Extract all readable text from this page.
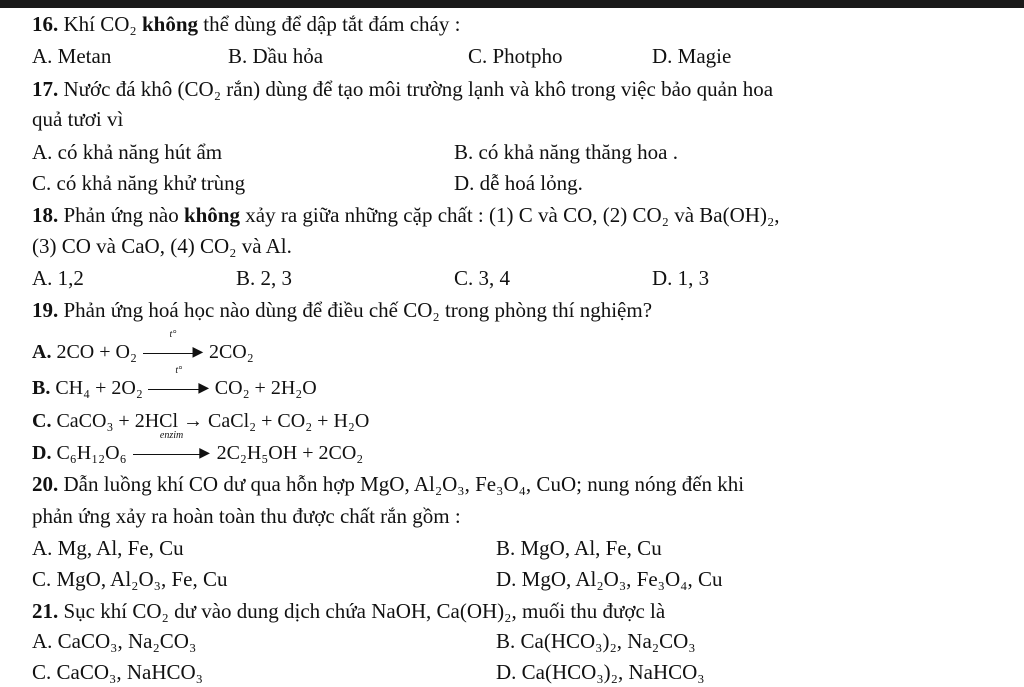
16. Khí CO₂ không thể dùng để dập tắt đám cháy :
A. Metan	B. Dầu hỏa	C. Photpho	D. Magie
17. Nước đá khô (CO₂ rắn) dùng để tạo môi trường lạnh và khô trong việc bảo quản hoa
quả tươi vì
A. có khả năng hút ẩm	B. có khả năng thăng hoa .
C. có khả năng khử trùng	D. dễ hoá lỏng.
18. Phản ứng nào không xảy ra giữa những cặp chất : (1) C và CO, (2) CO₂ và Ba(OH)₂,
(3) CO và CaO, (4) CO₂ và Al.
A. 1,2	B. 2, 3	C. 3, 4	D. 1, 3
19. Phản ứng hoá học nào dùng để điều chế CO₂ trong phòng thí nghiệm?
A. 2CO + O₂
t°
▶ 2CO₂
B. CH₄ + 2O₂
t°
▶ CO₂ + 2H₂O
C. CaCO₃ + 2HCl → CaCl₂ + CO₂ + H₂O
D. C₆H₁₂O₆
enzim
▶ 2C₂H₅OH + 2CO₂
20. Dẫn luồng khí CO dư qua hỗn hợp MgO, Al₂O₃, Fe₃O₄, CuO; nung nóng đến khi
phản ứng xảy ra hoàn toàn thu được chất rắn gồm :
A. Mg, Al, Fe, Cu	B. MgO, Al, Fe, Cu
C. MgO, Al₂O₃, Fe, Cu	D. MgO, Al₂O₃, Fe₃O₄, Cu
21. Sục khí CO₂ dư vào dung dịch chứa NaOH, Ca(OH)₂, muối thu được là
A. CaCO₃, Na₂CO₃	B. Ca(HCO₃)₂, Na₂CO₃
C. CaCO₃, NaHCO₃	D. Ca(HCO₃)₂, NaHCO₃
